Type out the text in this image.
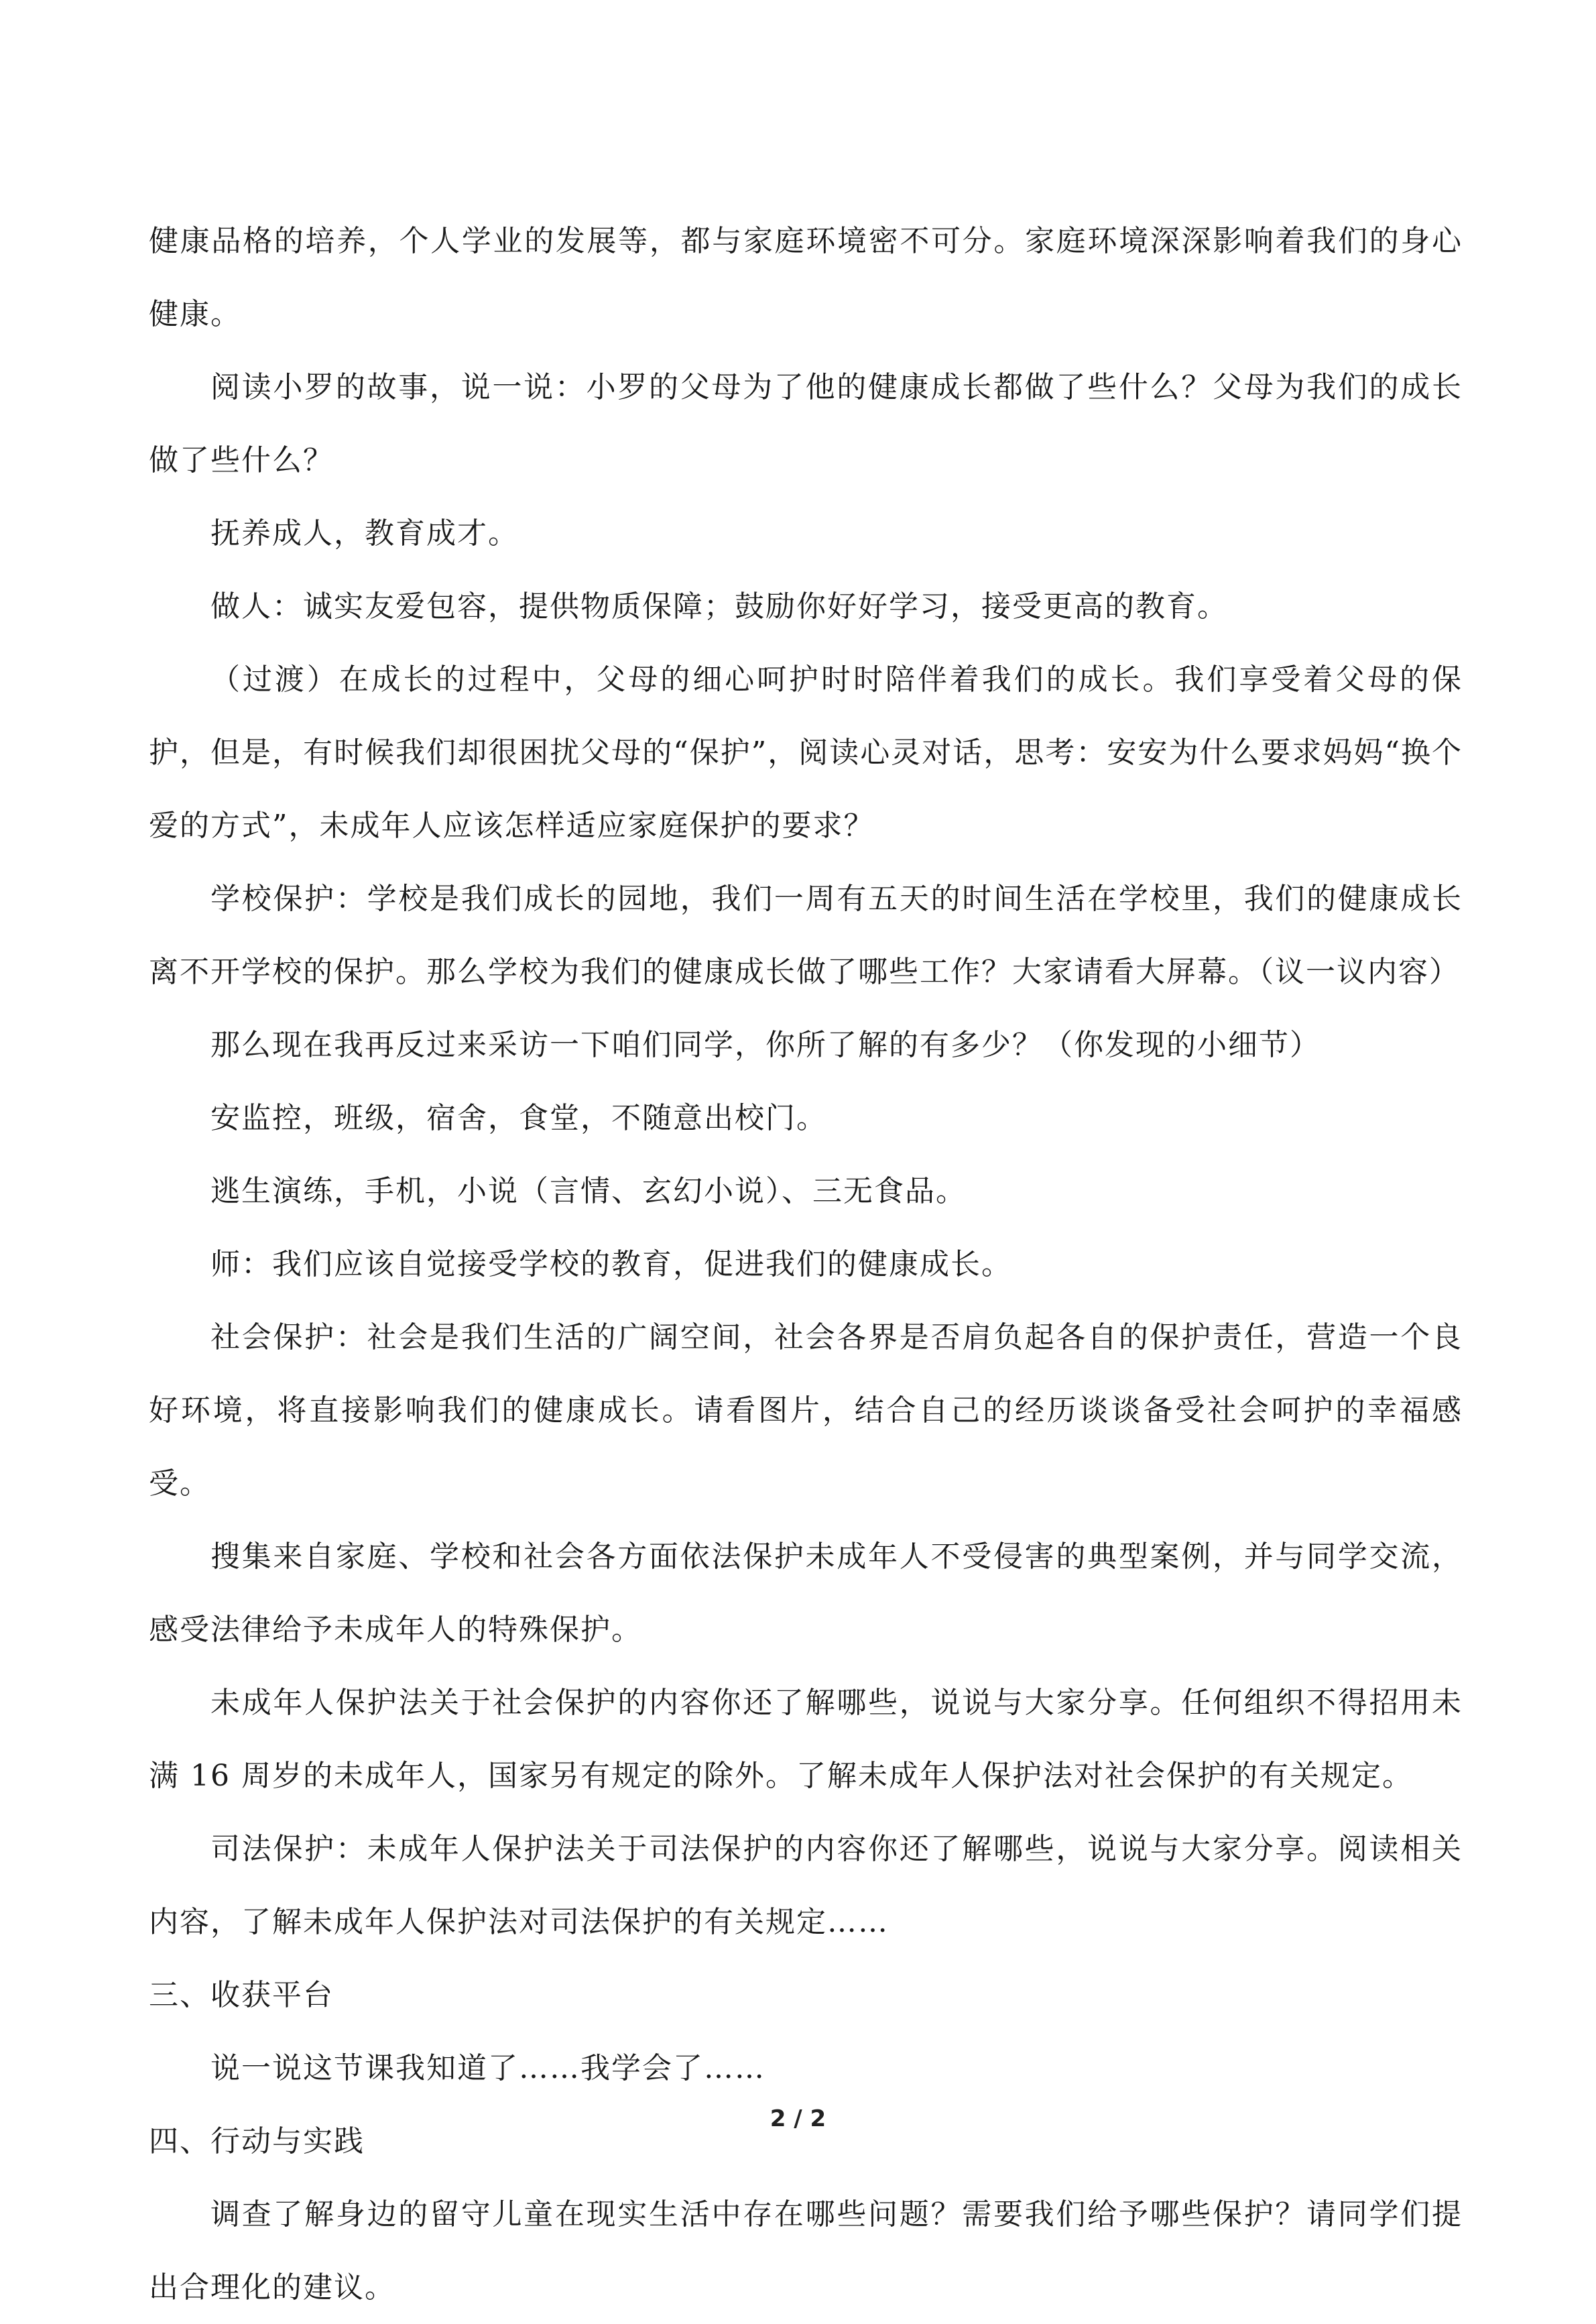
健康品格的培养，个人学业的发展等，都与家庭环境密不可分。家庭环境深深影响着我们的身心健康。

阅读小罗的故事，说一说：小罗的父母为了他的健康成长都做了些什么？父母为我们的成长做了些什么？

抚养成人，教育成才。

做人：诚实友爱包容，提供物质保障；鼓励你好好学习，接受更高的教育。

（过渡）在成长的过程中，父母的细心呵护时时陪伴着我们的成长。我们享受着父母的保护，但是，有时候我们却很困扰父母的“保护”，阅读心灵对话，思考：安安为什么要求妈妈“换个爱的方式”，未成年人应该怎样适应家庭保护的要求？

学校保护：学校是我们成长的园地，我们一周有五天的时间生活在学校里，我们的健康成长离不开学校的保护。那么学校为我们的健康成长做了哪些工作？大家请看大屏幕。（议一议内容）

那么现在我再反过来采访一下咱们同学，你所了解的有多少？（你发现的小细节）

安监控，班级，宿舍，食堂，不随意出校门。

逃生演练，手机，小说（言情、玄幻小说）、三无食品。

师：我们应该自觉接受学校的教育，促进我们的健康成长。

社会保护：社会是我们生活的广阔空间，社会各界是否肩负起各自的保护责任，营造一个良好环境，将直接影响我们的健康成长。请看图片，结合自己的经历谈谈备受社会呵护的幸福感受。

搜集来自家庭、学校和社会各方面依法保护未成年人不受侵害的典型案例，并与同学交流，感受法律给予未成年人的特殊保护。

未成年人保护法关于社会保护的内容你还了解哪些，说说与大家分享。任何组织不得招用未满 16 周岁的未成年人，国家另有规定的除外。了解未成年人保护法对社会保护的有关规定。

司法保护：未成年人保护法关于司法保护的内容你还了解哪些，说说与大家分享。阅读相关内容，了解未成年人保护法对司法保护的有关规定……

三、收获平台

说一说这节课我知道了……我学会了……

四、行动与实践

调查了解身边的留守儿童在现实生活中存在哪些问题？需要我们给予哪些保护？请同学们提出合理化的建议。

2 / 2
